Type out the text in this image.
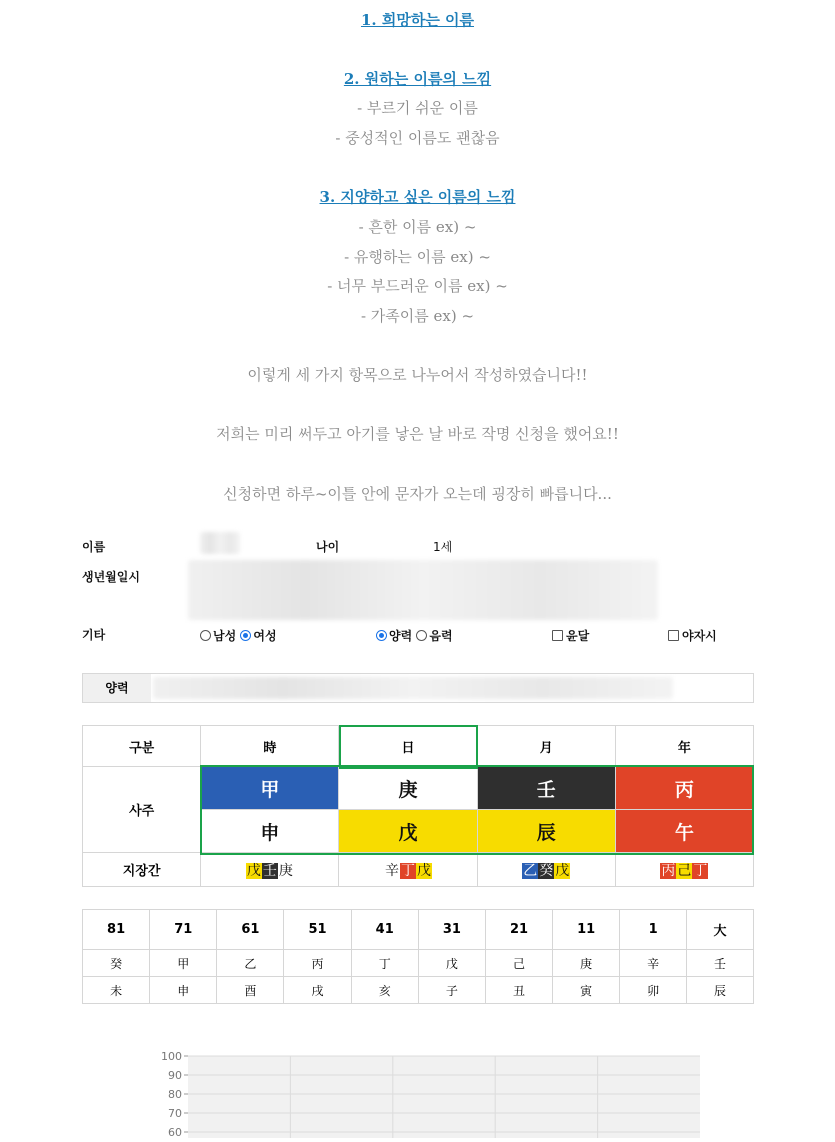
1. 희망하는 이름
2. 원하는 이름의 느낌
- 부르기 쉬운 이름
- 중성적인 이름도 괜찮음
3. 지양하고 싶은 이름의 느낌
- 흔한 이름 ex) ~
- 유행하는 이름 ex) ~
- 너무 부드러운 이름 ex) ~
- 가족이름 ex) ~
이렇게 세 가지 항목으로 나누어서 작성하였습니다!!
저희는 미리 써두고 아기를 낳은 날 바로 작명 신청을 했어요!!
신청하면 하루~이틀 안에 문자가 오는데 굉장히 빠릅니다...
이름	나이	1세
생년월일시
기타	남성 여성	양력 음력	윤달	야자시
양력
구분	時	日	月	年
사주	甲	庚	壬	丙
	申	戊	辰	午
지장간	戊 壬 庚	辛 丁 戊	乙 癸 戊	丙 己 丁
81	71	61	51	41	31	21	11	1	大
癸	甲	乙	丙	丁	戊	己	庚	辛	壬
未	申	酉	戌	亥	子	丑	寅	卯	辰
100
90
80
70
60
